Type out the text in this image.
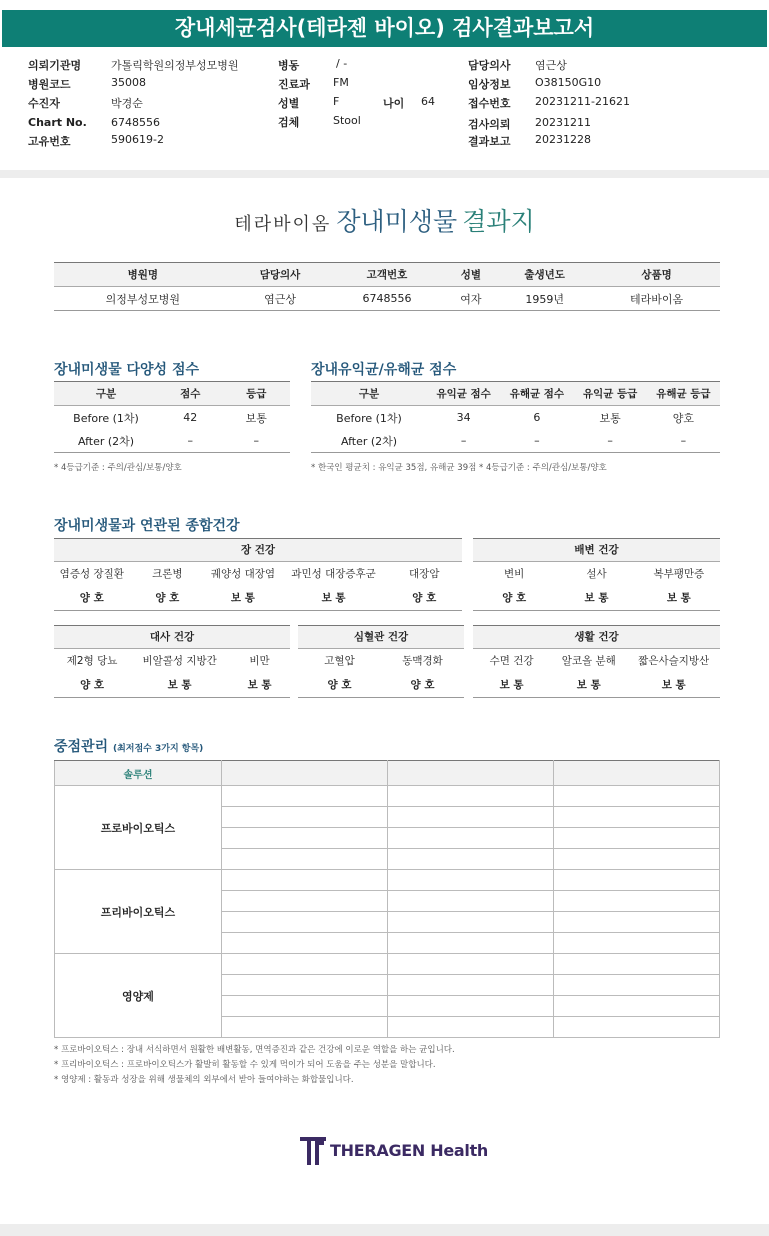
장내세균검사(테라젠 바이오) 검사결과보고서
의뢰기관명	가톨릭학원의정부성모병원
병원코드	35008
수진자	박경순
Chart No. 6748556
고유번호	590619-2
병동	/ -
진료과 FM
성별	F	나이 64
검체	Stool
담당의사 염근상
임상정보 O38150G10
접수번호 20231211-21621
검사의뢰 20231211
결과보고 20231228
테라바이옴 장내미생물 결과지
병원명	담당의사	고객번호	성별	출생년도	상품명
의정부성모병원	염근상	6748556	여자	1959년	테라바이옴
장내미생물 다양성 점수
구분	점수	등급
Before (1차)	42	보통
After (2차)	–	–
* 4등급기준 : 주의/관심/보통/양호
장내유익균/유해균 점수
구분	유익균 점수	유해균 점수	유익균 등급	유해균 등급
Before (1차)	34	6	보통	양호
After (2차)	–	–	–	–
* 한국인 평균치 : 유익균 35점, 유해균 39점 * 4등급기준 : 주의/관심/보통/양호
장내미생물과 연관된 종합건강
장 건강
염증성 장질환	크론병	궤양성 대장염	과민성 대장증후군	대장암
양 호	양 호	보 통	보 통	양 호
배변 건강
변비	설사	복부팽만증
양 호	보 통	보 통
대사 건강
제2형 당뇨	비알콜성 지방간	비만
양 호	보 통	보 통
심혈관 건강
고혈압	동맥경화
양 호	양 호
생활 건강
수면 건강	알코올 분해	짧은사슬지방산
보 통	보 통	보 통
중점관리 (최저점수 3가지 항목)
솔루션			
프로바이오틱스			

프리바이오틱스			

영양제			

* 프로바이오틱스 : 장내 서식하면서 원활한 배변활동, 면역증진과 같은 건강에 이로운 역할을 하는 균입니다.
* 프리바이오틱스 : 프로바이오틱스가 활발히 활동할 수 있게 먹이가 되어 도움을 주는 성분을 말합니다.
* 영양제 : 활동과 성장을 위해 생물체의 외부에서 받아 들여야하는 화합물입니다.
THERAGEN Health
